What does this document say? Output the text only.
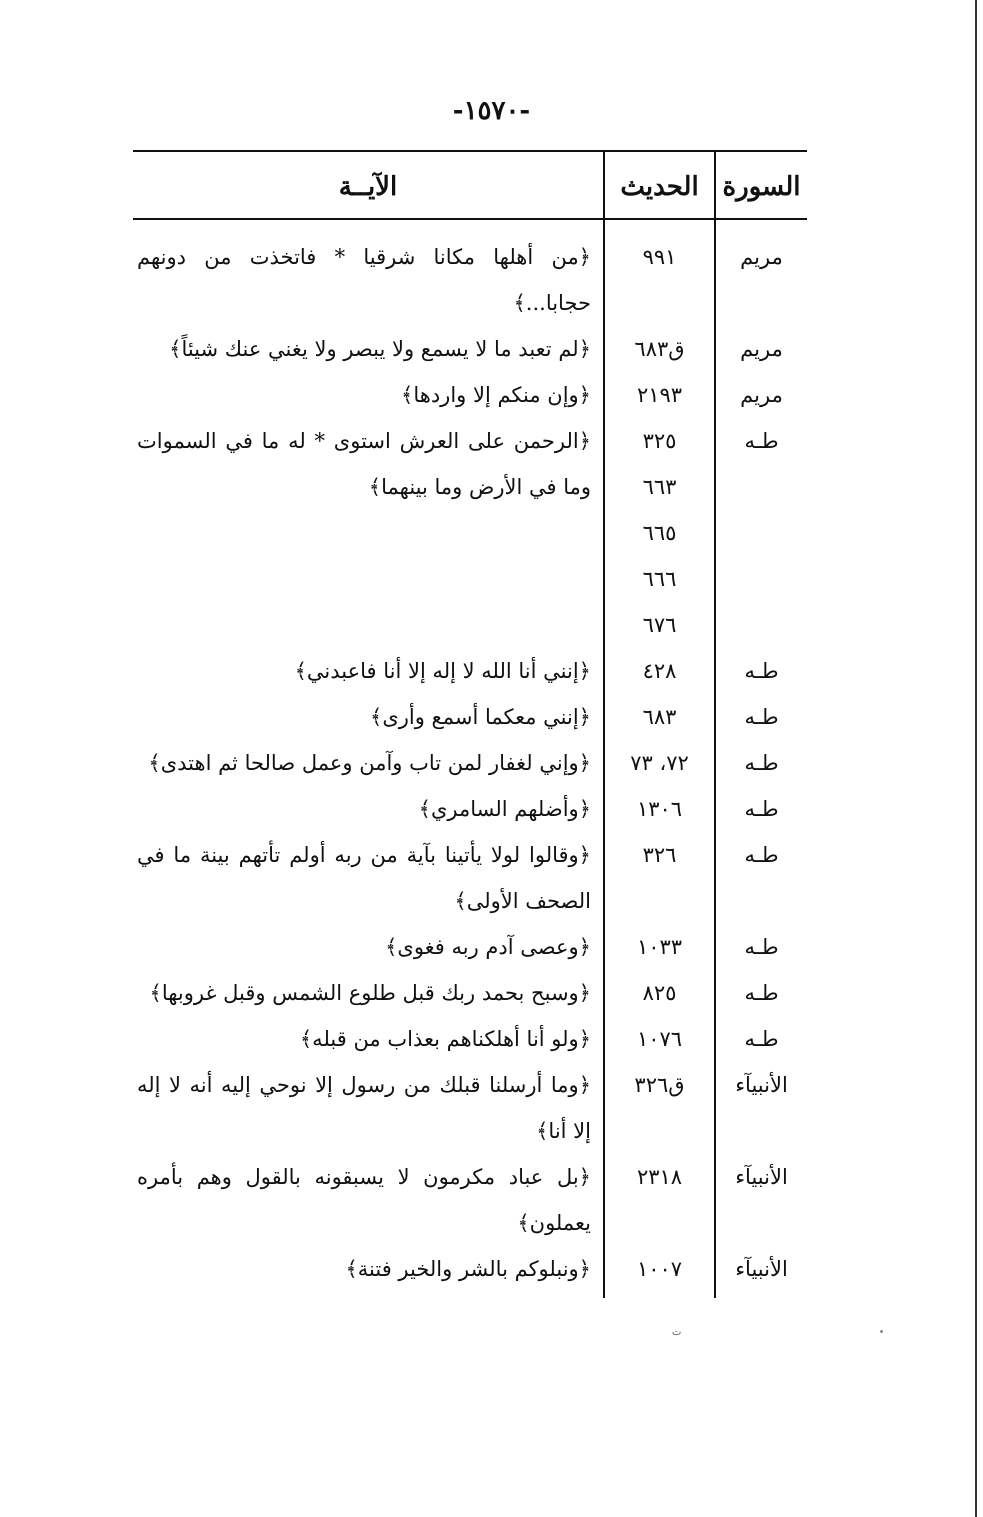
-١٥٧٠-
السورة
الحديث
الآيــة
مريم
٩٩١
﴿من أهلها مكانا شرقيا * فاتخذت من دونهم حجابا...﴾
مريم
ق٦٨٣
﴿لم تعبد ما لا يسمع ولا يبصر ولا يغني عنك شيئاً﴾
مريم
٢١٩٣
﴿وإن منكم إلا واردها﴾
طـه
٣٢٥
٦٦٣
٦٦٥
٦٦٦
٦٧٦
﴿الرحمن على العرش استوى * له ما في السموات وما في الأرض وما بينهما﴾
طـه
٤٢٨
﴿إنني أنا الله لا إله إلا أنا فاعبدني﴾
طـه
٦٨٣
﴿إنني معكما أسمع وأرى﴾
طـه
٧٢، ٧٣
﴿وإني لغفار لمن تاب وآمن وعمل صالحا ثم اهتدى﴾
طـه
١٣٠٦
﴿وأضلهم السامري﴾
طـه
٣٢٦
﴿وقالوا لولا يأتينا بآية من ربه أولم تأتهم بينة ما في الصحف الأولى﴾
طـه
١٠٣٣
﴿وعصى آدم ربه فغوى﴾
طـه
٨٢٥
﴿وسبح بحمد ربك قبل طلوع الشمس وقبل غروبها﴾
طـه
١٠٧٦
﴿ولو أنا أهلكناهم بعذاب من قبله﴾
الأنبيآء
ق٣٢٦
﴿وما أرسلنا قبلك من رسول إلا نوحي إليه أنه لا إله إلا أنا﴾
الأنبيآء
٢٣١٨
﴿بل عباد مكرمون لا يسبقونه بالقول وهم بأمره يعملون﴾
الأنبيآء
١٠٠٧
﴿ونبلوكم بالشر والخير فتنة﴾
ت
